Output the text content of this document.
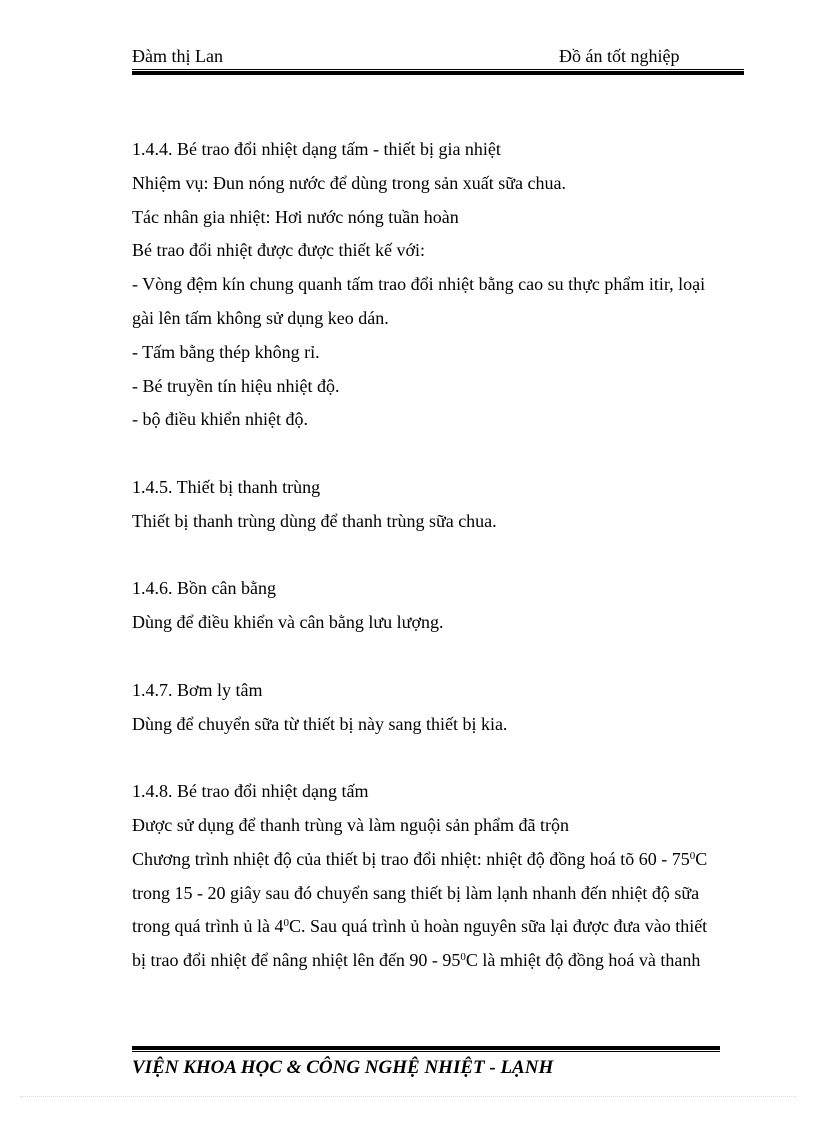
Đàm thị Lan	Đồ án tốt nghiệp

1.4.4. Bé trao đổi nhiệt dạng tấm - thiết bị gia nhiệt

Nhiệm vụ: Đun nóng nước để dùng trong sản xuất sữa chua.

Tác nhân gia nhiệt: Hơi nước nóng tuần hoàn

Bé trao đổi nhiệt được được thiết kế với:

- Vòng đệm kín chung quanh tấm trao đổi nhiệt bằng cao su thực phẩm itir, loại

gài lên tấm không sử dụng keo dán.

- Tấm bằng thép không rỉ.

- Bé truyền tín hiệu nhiệt độ.

- bộ điều khiển nhiệt độ.

1.4.5. Thiết bị thanh trùng

Thiết bị thanh trùng dùng để thanh trùng sữa chua.

1.4.6. Bồn cân bằng

Dùng để điều khiển và cân bằng lưu lượng.

1.4.7. Bơm ly tâm

Dùng để chuyển sữa từ thiết bị này sang thiết bị kia.

1.4.8. Bé trao đổi nhiệt dạng tấm

Được sử dụng để thanh trùng và làm nguội sản phẩm đã trộn

Chương trình nhiệt độ của thiết bị trao đổi nhiệt: nhiệt độ đồng hoá tõ $60 - 75^0C$

trong 15 - 20 giây sau đó chuyển sang thiết bị làm lạnh nhanh đến nhiệt độ sữa

trong quá trình ủ là $4^0C$. Sau quá trình ủ hoàn nguyên sữa lại được đưa vào thiết

bị trao đổi nhiệt để nâng nhiệt lên đến $90 - 95^0C$ là mhiệt độ đồng hoá và thanh

VIỆN KHOA HỌC & CÔNG NGHỆ NHIỆT - LẠNH
